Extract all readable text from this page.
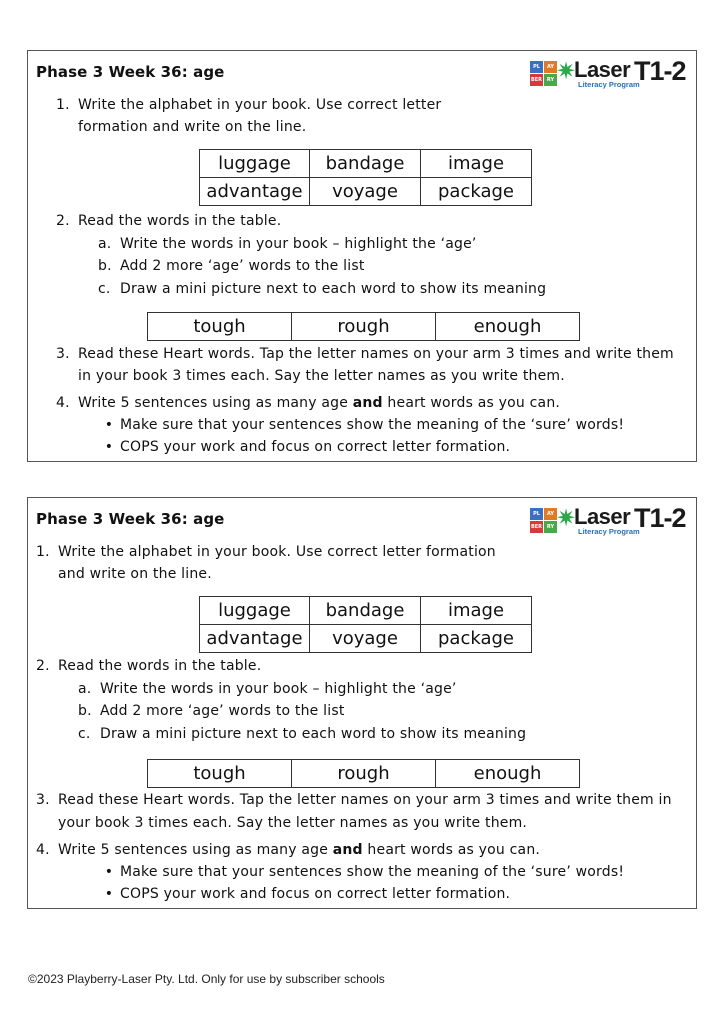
Phase 3 Week 36: age	PL	AY
BER RY ✷
Laser
Literacy Program
T1-2
1. Write the alphabet in your book. Use correct letter
formation and write on the line.
luggage	bandage	image
advantage	voyage	package
2. Read the words in the table.
a. Write the words in your book – highlight the ‘age’
b. Add 2 more ‘age’ words to the list
c. Draw a mini picture next to each word to show its meaning
tough	rough	enough
3. Read these Heart words. Tap the letter names on your arm 3 times and write them
in your book 3 times each. Say the letter names as you write them.
4. Write 5 sentences using as many age and heart words as you can.
• Make sure that your sentences show the meaning of the ‘sure’ words!
• COPS your work and focus on correct letter formation.
Phase 3 Week 36: age	PL	AY
BER RY ✷
Laser
Literacy Program
T1-2
1. Write the alphabet in your book. Use correct letter formation
and write on the line.
luggage	bandage	image
advantage	voyage	package
2. Read the words in the table.
a. Write the words in your book – highlight the ‘age’
b. Add 2 more ‘age’ words to the list
c. Draw a mini picture next to each word to show its meaning
tough	rough	enough
3. Read these Heart words. Tap the letter names on your arm 3 times and write them in
your book 3 times each. Say the letter names as you write them.
4. Write 5 sentences using as many age and heart words as you can.
• Make sure that your sentences show the meaning of the ‘sure’ words!
• COPS your work and focus on correct letter formation.
©2023 Playberry-Laser Pty. Ltd. Only for use by subscriber schools
